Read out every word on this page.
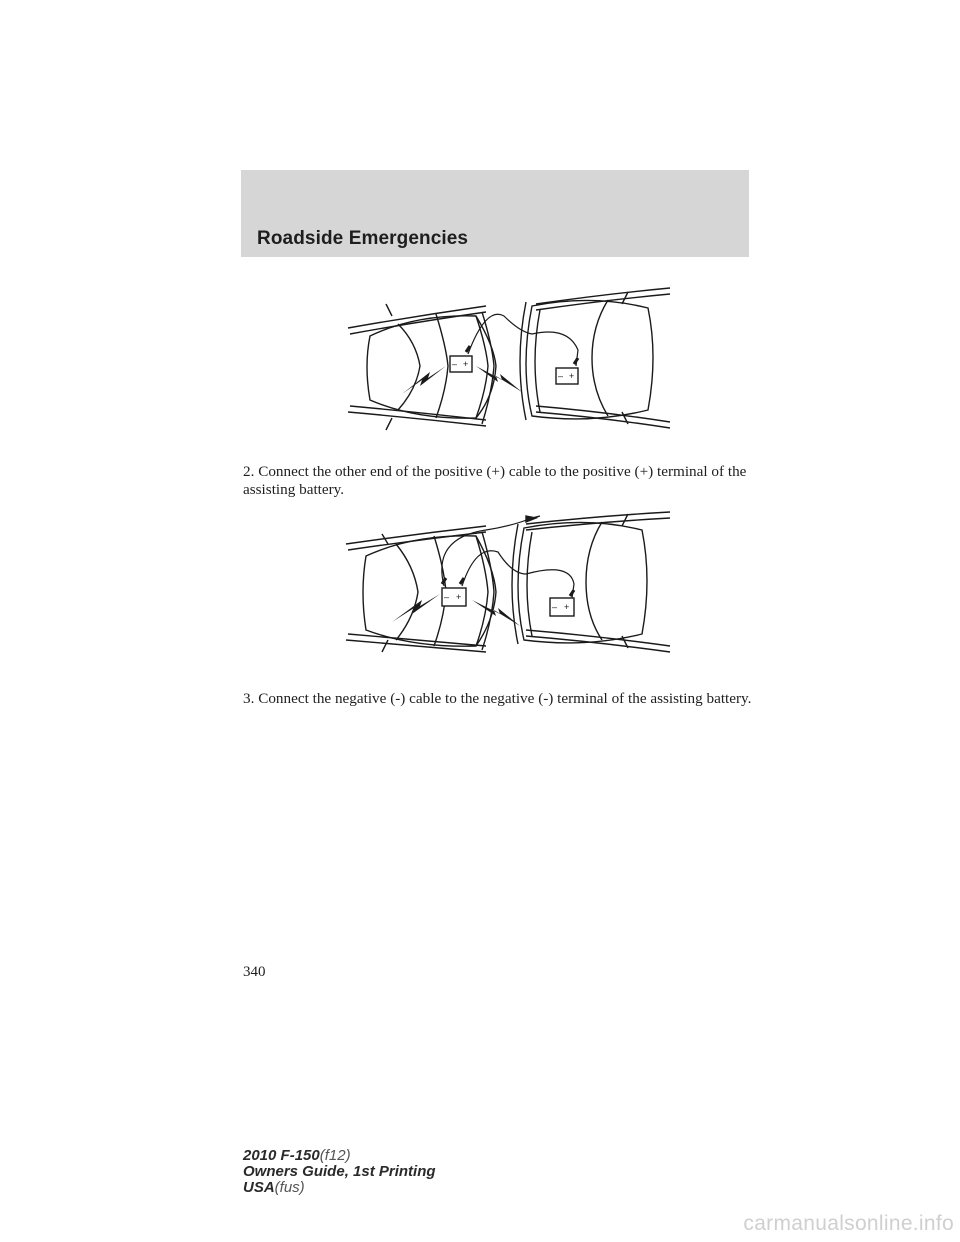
Roadside Emergencies
– +
– +

2. Connect the other end of the positive (+) cable to the positive (+) terminal of the assisting battery.

– +
– +

3. Connect the negative (-) cable to the negative (-) terminal of the assisting battery.

340
2010 F-150(f12)
Owners Guide, 1st Printing
USA(fus)
carmanualsonline.info
